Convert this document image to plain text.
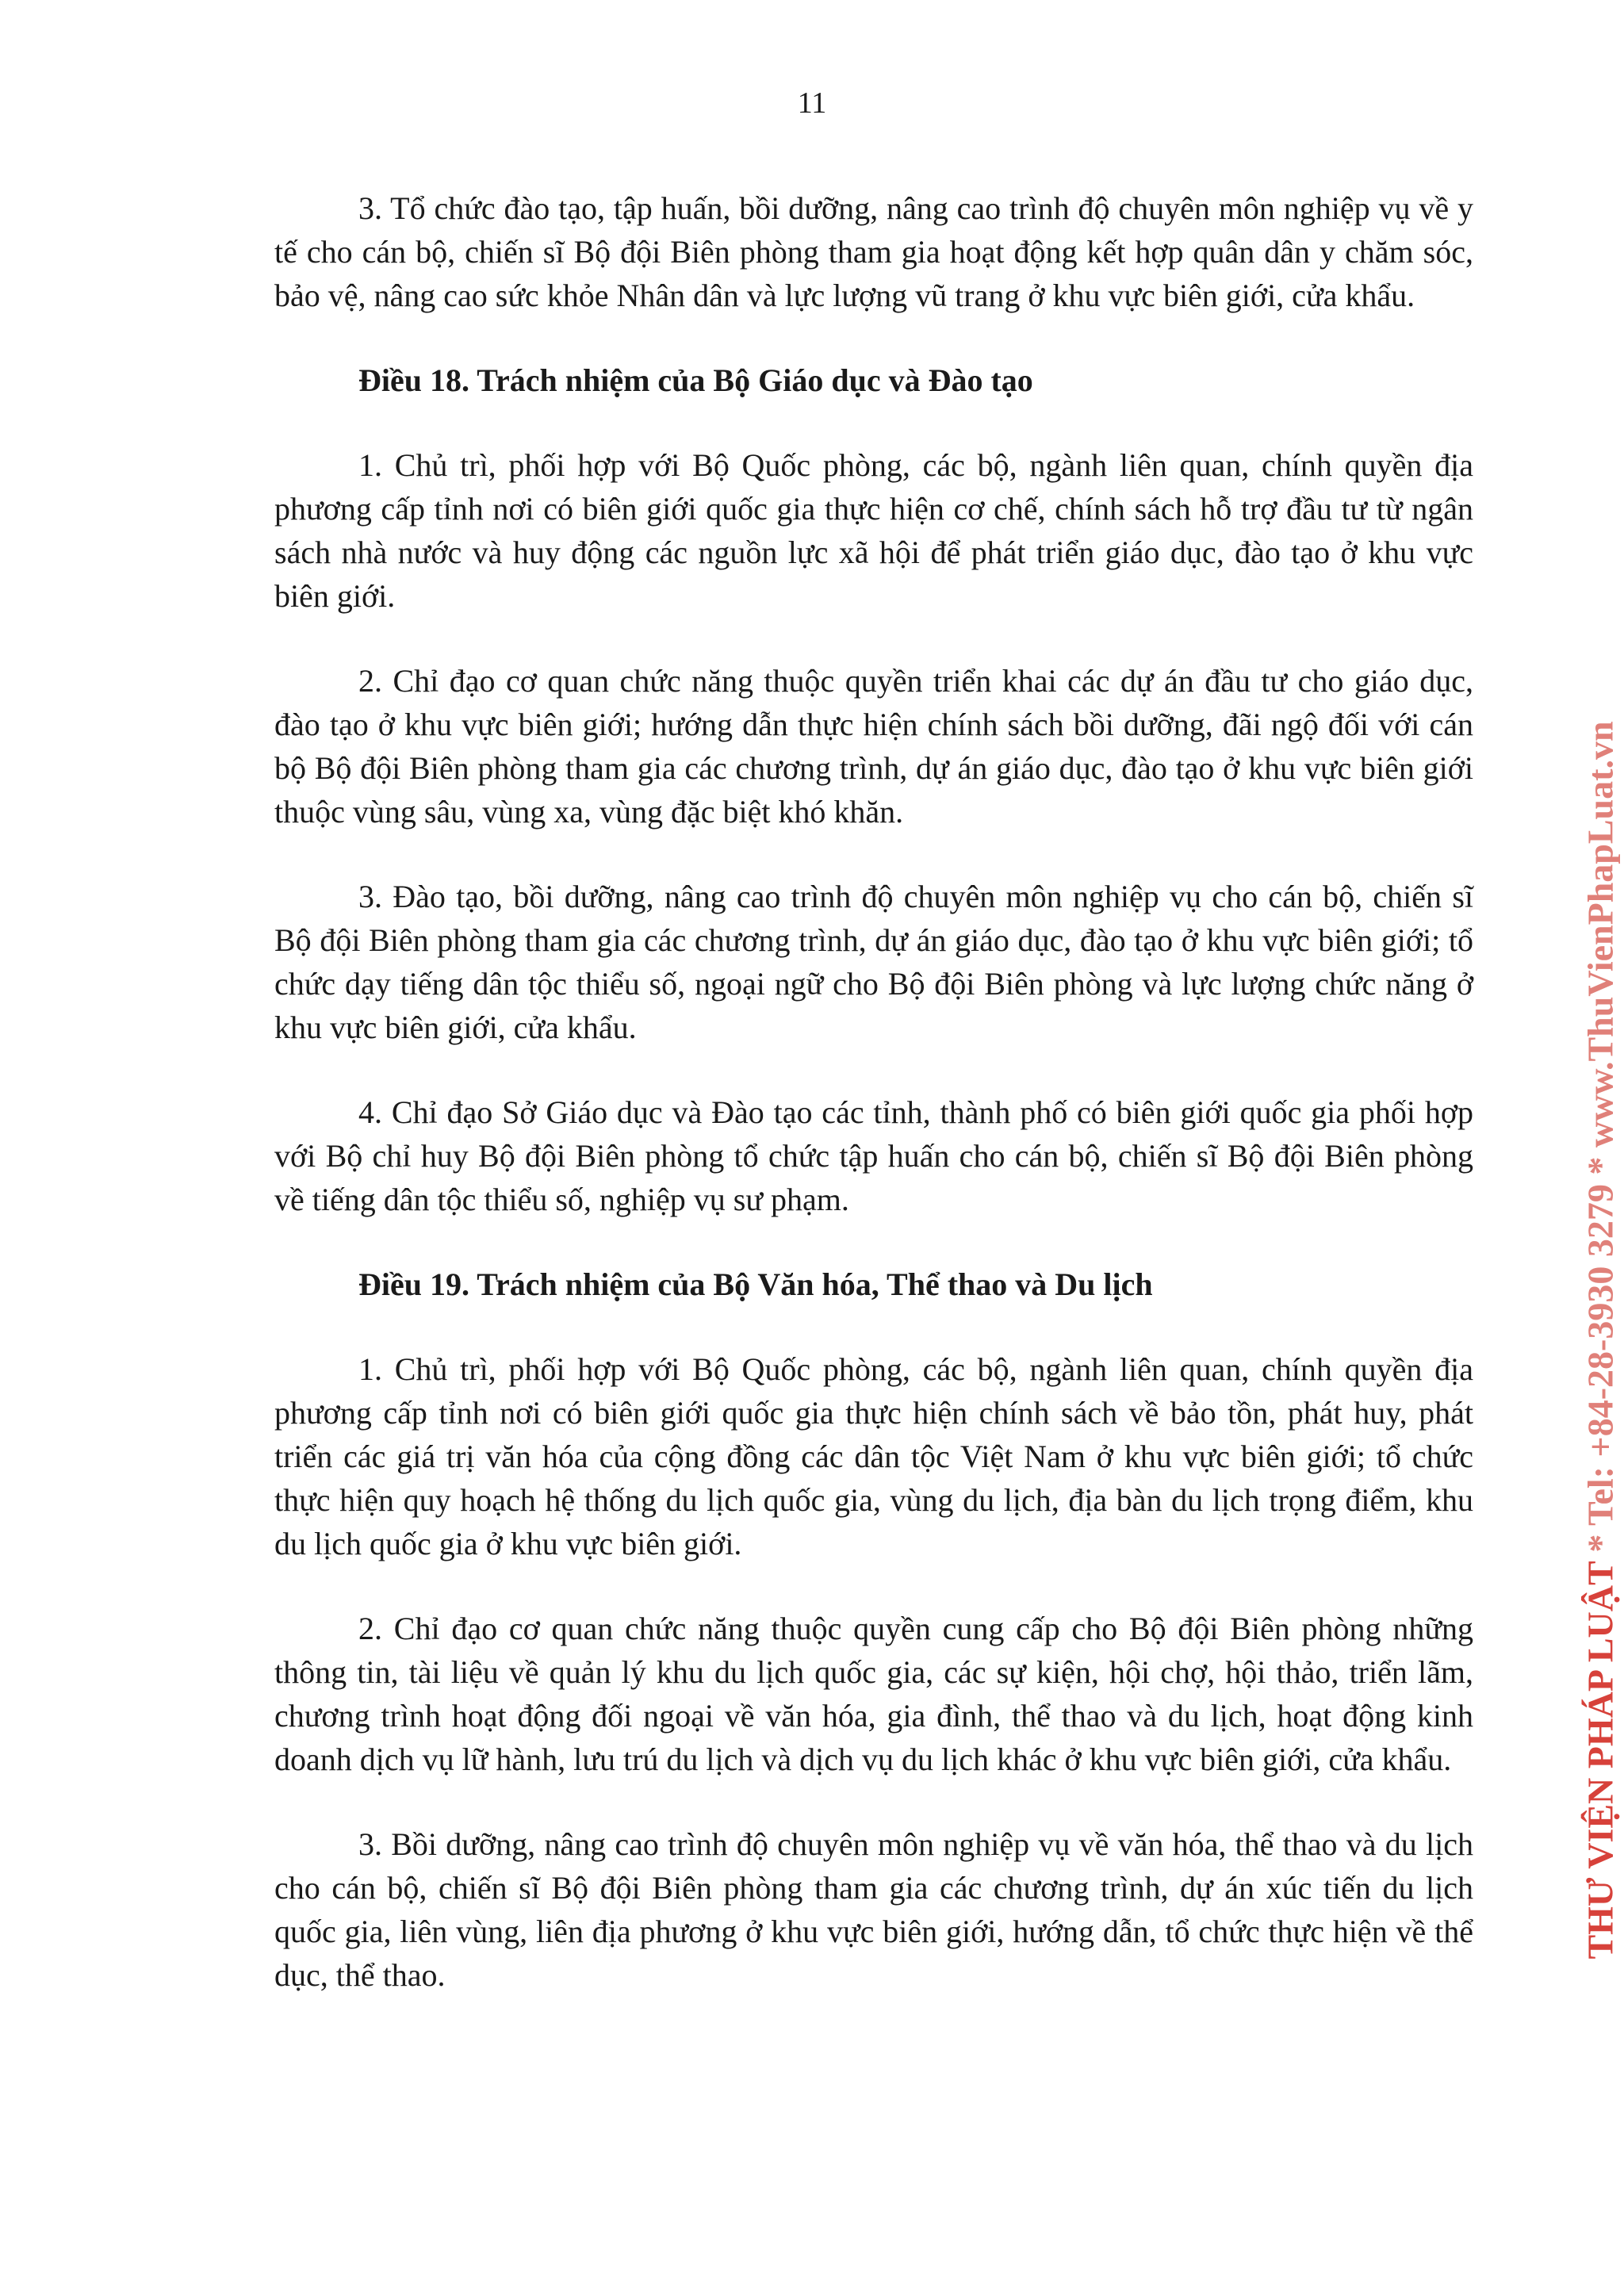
11

3. Tổ chức đào tạo, tập huấn, bồi dưỡng, nâng cao trình độ chuyên môn nghiệp vụ về y tế cho cán bộ, chiến sĩ Bộ đội Biên phòng tham gia hoạt động kết hợp quân dân y chăm sóc, bảo vệ, nâng cao sức khỏe Nhân dân và lực lượng vũ trang ở khu vực biên giới, cửa khẩu.

Điều 18. Trách nhiệm của Bộ Giáo dục và Đào tạo

1. Chủ trì, phối hợp với Bộ Quốc phòng, các bộ, ngành liên quan, chính quyền địa phương cấp tỉnh nơi có biên giới quốc gia thực hiện cơ chế, chính sách hỗ trợ đầu tư từ ngân sách nhà nước và huy động các nguồn lực xã hội để phát triển giáo dục, đào tạo ở khu vực biên giới.

2. Chỉ đạo cơ quan chức năng thuộc quyền triển khai các dự án đầu tư cho giáo dục, đào tạo ở khu vực biên giới; hướng dẫn thực hiện chính sách bồi dưỡng, đãi ngộ đối với cán bộ Bộ đội Biên phòng tham gia các chương trình, dự án giáo dục, đào tạo ở khu vực biên giới thuộc vùng sâu, vùng xa, vùng đặc biệt khó khăn.

3. Đào tạo, bồi dưỡng, nâng cao trình độ chuyên môn nghiệp vụ cho cán bộ, chiến sĩ Bộ đội Biên phòng tham gia các chương trình, dự án giáo dục, đào tạo ở khu vực biên giới; tổ chức dạy tiếng dân tộc thiểu số, ngoại ngữ cho Bộ đội Biên phòng và lực lượng chức năng ở khu vực biên giới, cửa khẩu.

4. Chỉ đạo Sở Giáo dục và Đào tạo các tỉnh, thành phố có biên giới quốc gia phối hợp với Bộ chỉ huy Bộ đội Biên phòng tổ chức tập huấn cho cán bộ, chiến sĩ Bộ đội Biên phòng về tiếng dân tộc thiểu số, nghiệp vụ sư phạm.

Điều 19. Trách nhiệm của Bộ Văn hóa, Thể thao và Du lịch

1. Chủ trì, phối hợp với Bộ Quốc phòng, các bộ, ngành liên quan, chính quyền địa phương cấp tỉnh nơi có biên giới quốc gia thực hiện chính sách về bảo tồn, phát huy, phát triển các giá trị văn hóa của cộng đồng các dân tộc Việt Nam ở khu vực biên giới; tổ chức thực hiện quy hoạch hệ thống du lịch quốc gia, vùng du lịch, địa bàn du lịch trọng điểm, khu du lịch quốc gia ở khu vực biên giới.

2. Chỉ đạo cơ quan chức năng thuộc quyền cung cấp cho Bộ đội Biên phòng những thông tin, tài liệu về quản lý khu du lịch quốc gia, các sự kiện, hội chợ, hội thảo, triển lãm, chương trình hoạt động đối ngoại về văn hóa, gia đình, thể thao và du lịch, hoạt động kinh doanh dịch vụ lữ hành, lưu trú du lịch và dịch vụ du lịch khác ở khu vực biên giới, cửa khẩu.

3. Bồi dưỡng, nâng cao trình độ chuyên môn nghiệp vụ về văn hóa, thể thao và du lịch cho cán bộ, chiến sĩ Bộ đội Biên phòng tham gia các chương trình, dự án xúc tiến du lịch quốc gia, liên vùng, liên địa phương ở khu vực biên giới, hướng dẫn, tổ chức thực hiện về thể dục, thể thao.

THƯ VIỆN PHÁP LUẬT * Tel: +84-28-3930 3279 * www.ThuVienPhapLuat.vn
